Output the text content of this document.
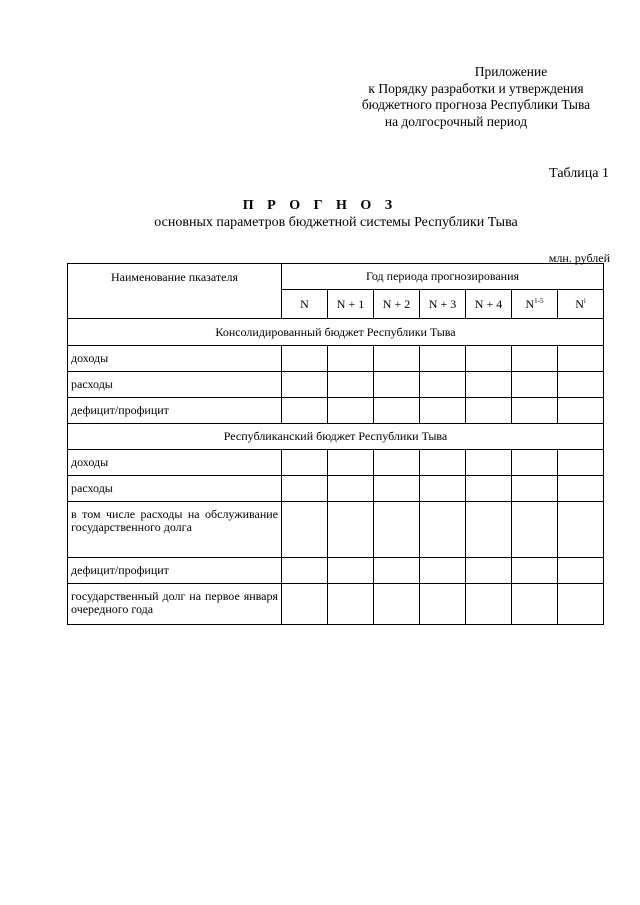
Приложение
к Порядку разработки и утверждения
бюджетного прогноза Республики Тыва
на долгосрочный период
Таблица 1
П Р О Г Н О З
основных параметров бюджетной системы Республики Тыва
млн. рублей
Наименование пказателя	Год периода прогнозирования						
	N	N + 1	N + 2	N + 3	N + 4	$N^{1-5}$	$N^i$
Консолидированный бюджет Республики Тыва							
доходы							
расходы							
дефицит/профицит							
Республиканский бюджет Республики Тыва							
доходы							
расходы							
в том числе расходы на обслуживание государственного долга							
дефицит/профицит							
государственный долг на первое января очередного года							
